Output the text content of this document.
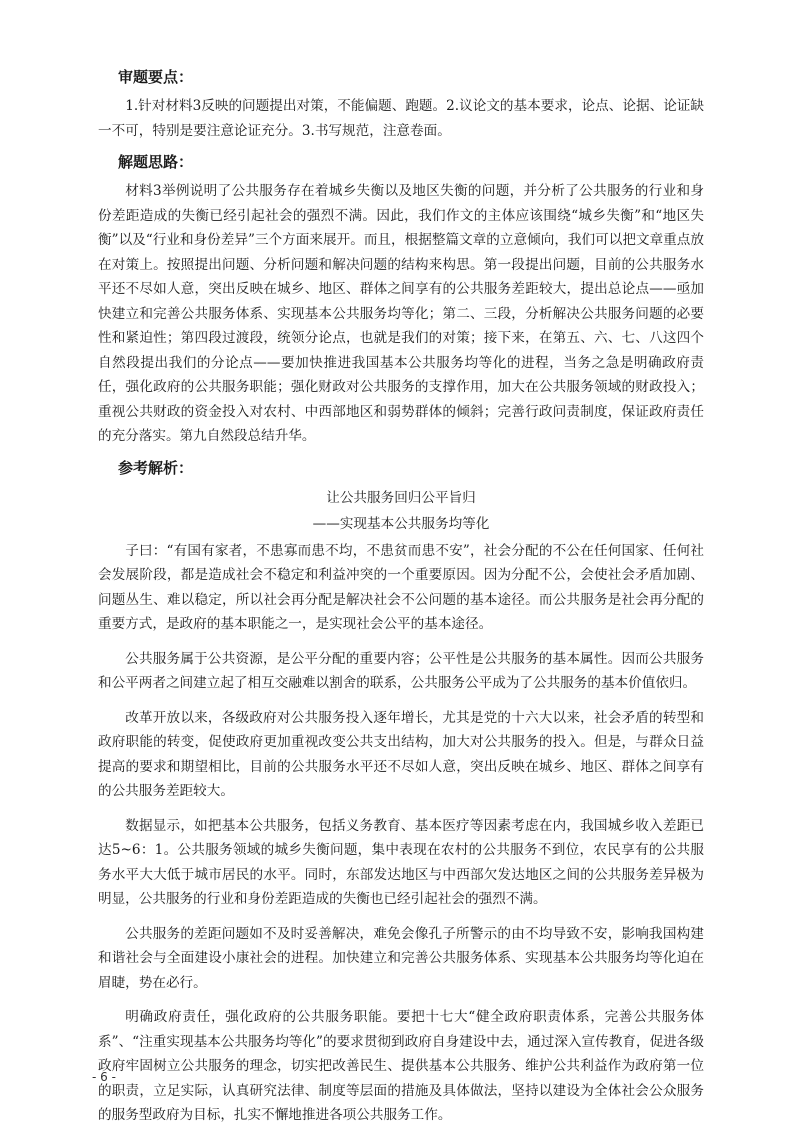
审题要点：

1.针对材料3反映的问题提出对策，不能偏题、跑题。2.议论文的基本要求，论点、论据、论证缺一不可，特别是要注意论证充分。3.书写规范，注意卷面。

解题思路：

材料3举例说明了公共服务存在着城乡失衡以及地区失衡的问题，并分析了公共服务的行业和身份差距造成的失衡已经引起社会的强烈不满。因此，我们作文的主体应该围绕“城乡失衡”和“地区失衡”以及“行业和身份差异”三个方面来展开。而且，根据整篇文章的立意倾向，我们可以把文章重点放在对策上。按照提出问题、分析问题和解决问题的结构来构思。第一段提出问题，目前的公共服务水平还不尽如人意，突出反映在城乡、地区、群体之间享有的公共服务差距较大，提出总论点——亟加快建立和完善公共服务体系、实现基本公共服务均等化；第二、三段，分析解决公共服务问题的必要性和紧迫性；第四段过渡段，统领分论点，也就是我们的对策；接下来，在第五、六、七、八这四个自然段提出我们的分论点——要加快推进我国基本公共服务均等化的进程，当务之急是明确政府责任，强化政府的公共服务职能；强化财政对公共服务的支撑作用，加大在公共服务领域的财政投入；重视公共财政的资金投入对农村、中西部地区和弱势群体的倾斜；完善行政问责制度，保证政府责任的充分落实。第九自然段总结升华。

参考解析：

让公共服务回归公平旨归

——实现基本公共服务均等化

子曰：“有国有家者，不患寡而患不均，不患贫而患不安”，社会分配的不公在任何国家、任何社会发展阶段，都是造成社会不稳定和利益冲突的一个重要原因。因为分配不公，会使社会矛盾加剧、问题丛生、难以稳定，所以社会再分配是解决社会不公问题的基本途径。而公共服务是社会再分配的重要方式，是政府的基本职能之一，是实现社会公平的基本途径。

公共服务属于公共资源，是公平分配的重要内容；公平性是公共服务的基本属性。因而公共服务和公平两者之间建立起了相互交融难以割舍的联系，公共服务公平成为了公共服务的基本价值依归。

改革开放以来，各级政府对公共服务投入逐年增长，尤其是党的十六大以来，社会矛盾的转型和政府职能的转变，促使政府更加重视改变公共支出结构，加大对公共服务的投入。但是，与群众日益提高的要求和期望相比，目前的公共服务水平还不尽如人意，突出反映在城乡、地区、群体之间享有的公共服务差距较大。

数据显示，如把基本公共服务，包括义务教育、基本医疗等因素考虑在内，我国城乡收入差距已达5~6：1。公共服务领域的城乡失衡问题，集中表现在农村的公共服务不到位，农民享有的公共服务水平大大低于城市居民的水平。同时，东部发达地区与中西部欠发达地区之间的公共服务差异极为明显，公共服务的行业和身份差距造成的失衡也已经引起社会的强烈不满。

公共服务的差距问题如不及时妥善解决，难免会像孔子所警示的由不均导致不安，影响我国构建和谐社会与全面建设小康社会的进程。加快建立和完善公共服务体系、实现基本公共服务均等化迫在眉睫，势在必行。

明确政府责任，强化政府的公共服务职能。要把十七大“健全政府职责体系，完善公共服务体系”、“注重实现基本公共服务均等化”的要求贯彻到政府自身建设中去，通过深入宣传教育，促进各级政府牢固树立公共服务的理念，切实把改善民生、提供基本公共服务、维护公共利益作为政府第一位的职责，立足实际，认真研究法律、制度等层面的措施及具体做法，坚持以建设为全体社会公众服务的服务型政府为目标，扎实不懈地推进各项公共服务工作。

- 6 -
